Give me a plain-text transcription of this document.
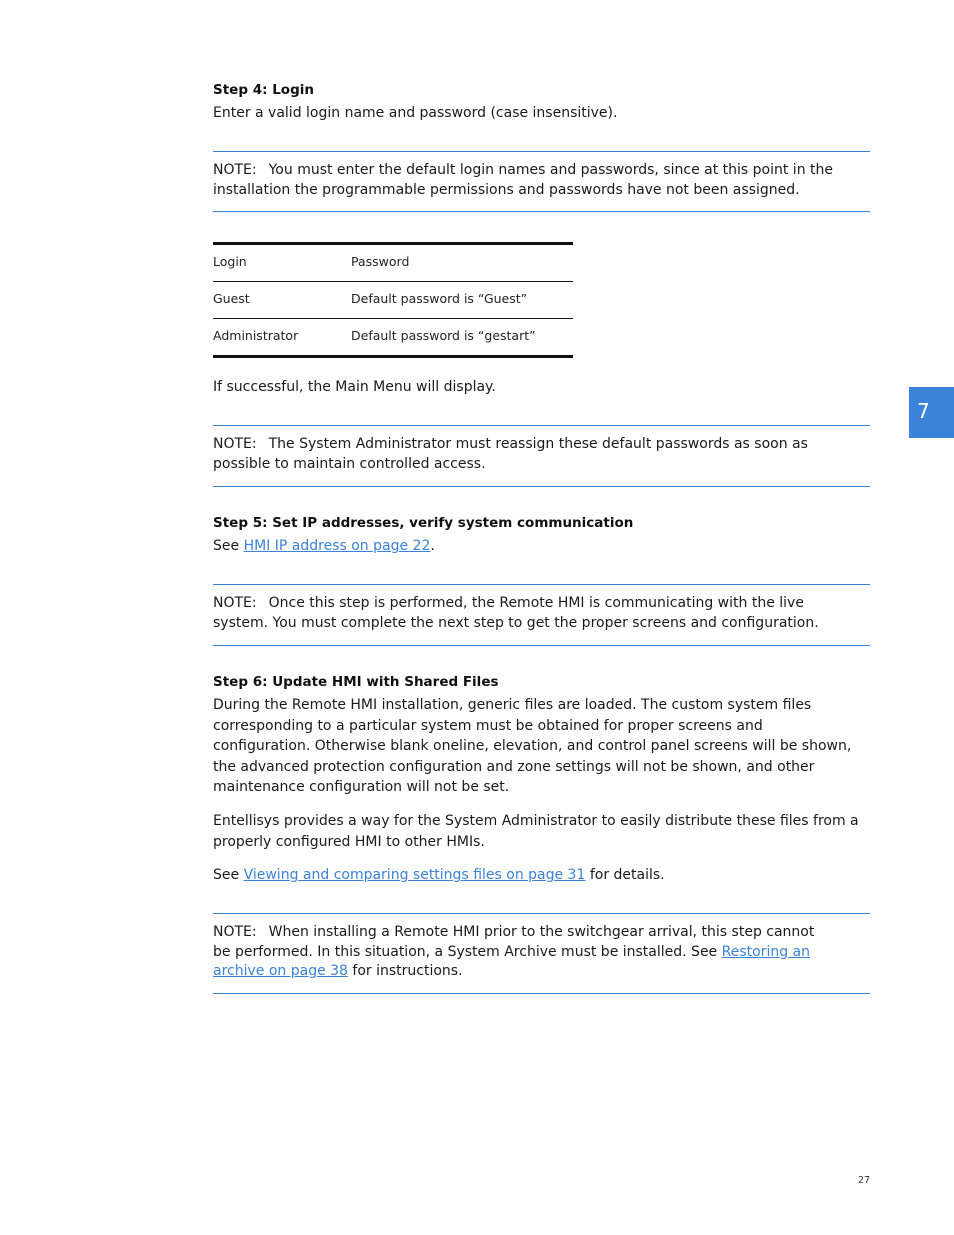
Step 4: Login
Enter a valid login name and password (case insensitive).
NOTE: You must enter the default login names and passwords, since at this point in the installation the programmable permissions and passwords have not been assigned.
Login	Password
Guest	Default password is “Guest”
Administrator	Default password is “gestart”
If successful, the Main Menu will display.
NOTE: The System Administrator must reassign these default passwords as soon as possible to maintain controlled access.
Step 5: Set IP addresses, verify system communication
See HMI IP address on page 22.
NOTE: Once this step is performed, the Remote HMI is communicating with the live system. You must complete the next step to get the proper screens and configuration.
Step 6: Update HMI with Shared Files
During the Remote HMI installation, generic files are loaded. The custom system files corresponding to a particular system must be obtained for proper screens and configuration. Otherwise blank oneline, elevation, and control panel screens will be shown, the advanced protection configuration and zone settings will not be shown, and other maintenance configuration will not be set.
Entellisys provides a way for the System Administrator to easily distribute these files from a properly configured HMI to other HMIs.
See Viewing and comparing settings files on page 31 for details.
NOTE: When installing a Remote HMI prior to the switchgear arrival, this step cannot be performed. In this situation, a System Archive must be installed. See Restoring an archive on page 38 for instructions.
7
27
